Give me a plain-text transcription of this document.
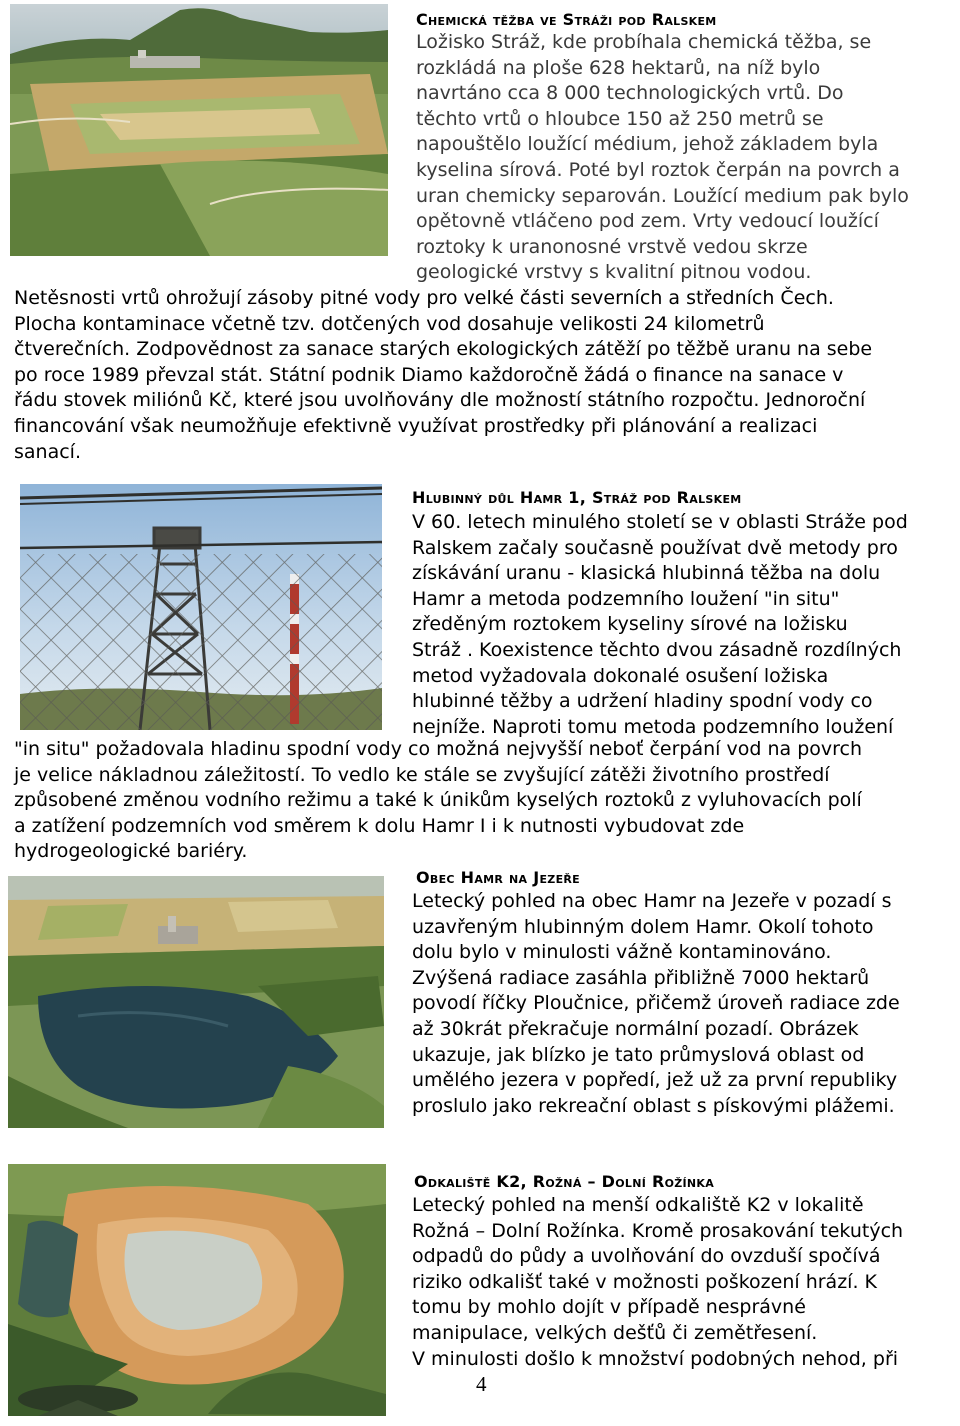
Chemická těžba ve Stráži pod Ralskem
Ložisko Stráž, kde probíhala chemická těžba, se
rozkládá na ploše 628 hektarů, na níž bylo
navrtáno cca 8 000 technologických vrtů. Do
těchto vrtů o hloubce 150 až 250 metrů se
napouštělo loužící médium, jehož základem byla
kyselina sírová. Poté byl roztok čerpán na povrch a
uran chemicky separován. Loužící medium pak bylo
opětovně vtláčeno pod zem. Vrty vedoucí loužící
roztoky k uranonosné vrstvě vedou skrze
geologické vrstvy s kvalitní pitnou vodou.
Netěsnosti vrtů ohrožují zásoby pitné vody pro velké části severních a středních Čech.
Plocha kontaminace včetně tzv. dotčených vod dosahuje velikosti 24 kilometrů
čtverečních. Zodpovědnost za sanace starých ekologických zátěží po těžbě uranu na sebe
po roce 1989 převzal stát. Státní podnik Diamo každoročně žádá o finance na sanace v
řádu stovek miliónů Kč, které jsou uvolňovány dle možností státního rozpočtu. Jednoroční
financování však neumožňuje efektivně využívat prostředky při plánování a realizaci
sanací.
Hlubinný důl Hamr 1, Stráž pod Ralskem
V 60. letech minulého století se v oblasti Stráže pod
Ralskem začaly současně používat dvě metody pro
získávání uranu - klasická hlubinná těžba na dolu
Hamr a metoda podzemního loužení "in situ"
zředěným roztokem kyseliny sírové na ložisku
Stráž . Koexistence těchto dvou zásadně rozdílných
metod vyžadovala dokonalé osušení ložiska
hlubinné těžby a udržení hladiny spodní vody co
nejníže. Naproti tomu metoda podzemního loužení
"in situ" požadovala hladinu spodní vody co možná nejvyšší neboť čerpání vod na povrch
je velice nákladnou záležitostí. To vedlo ke stále se zvyšující zátěži životního prostředí
způsobené změnou vodního režimu a také k únikům kyselých roztoků z vyluhovacích polí
a zatížení podzemních vod směrem k dolu Hamr I i k nutnosti vybudovat zde
hydrogeologické bariéry.
Obec Hamr na Jezeře
Letecký pohled na obec Hamr na Jezeře v pozadí s
uzavřeným hlubinným dolem Hamr. Okolí tohoto
dolu bylo v minulosti vážně kontaminováno.
Zvýšená radiace zasáhla přibližně 7000 hektarů
povodí říčky Ploučnice, přičemž úroveň radiace zde
až 30krát překračuje normální pozadí. Obrázek
ukazuje, jak blízko je tato průmyslová oblast od
umělého jezera v popředí, jež už za první republiky
proslulo jako rekreační oblast s pískovými plážemi.
Odkaliště K2, Rožná – Dolní Rožínka
Letecký pohled na menší odkaliště K2 v lokalitě
Rožná – Dolní Rožínka. Kromě prosakování tekutých
odpadů do půdy a uvolňování do ovzduší spočívá
riziko odkališť také v možnosti poškození hrází. K
tomu by mohlo dojít v případě nesprávné
manipulace, velkých dešťů či zemětřesení.
V minulosti došlo k množství podobných nehod, při
4
